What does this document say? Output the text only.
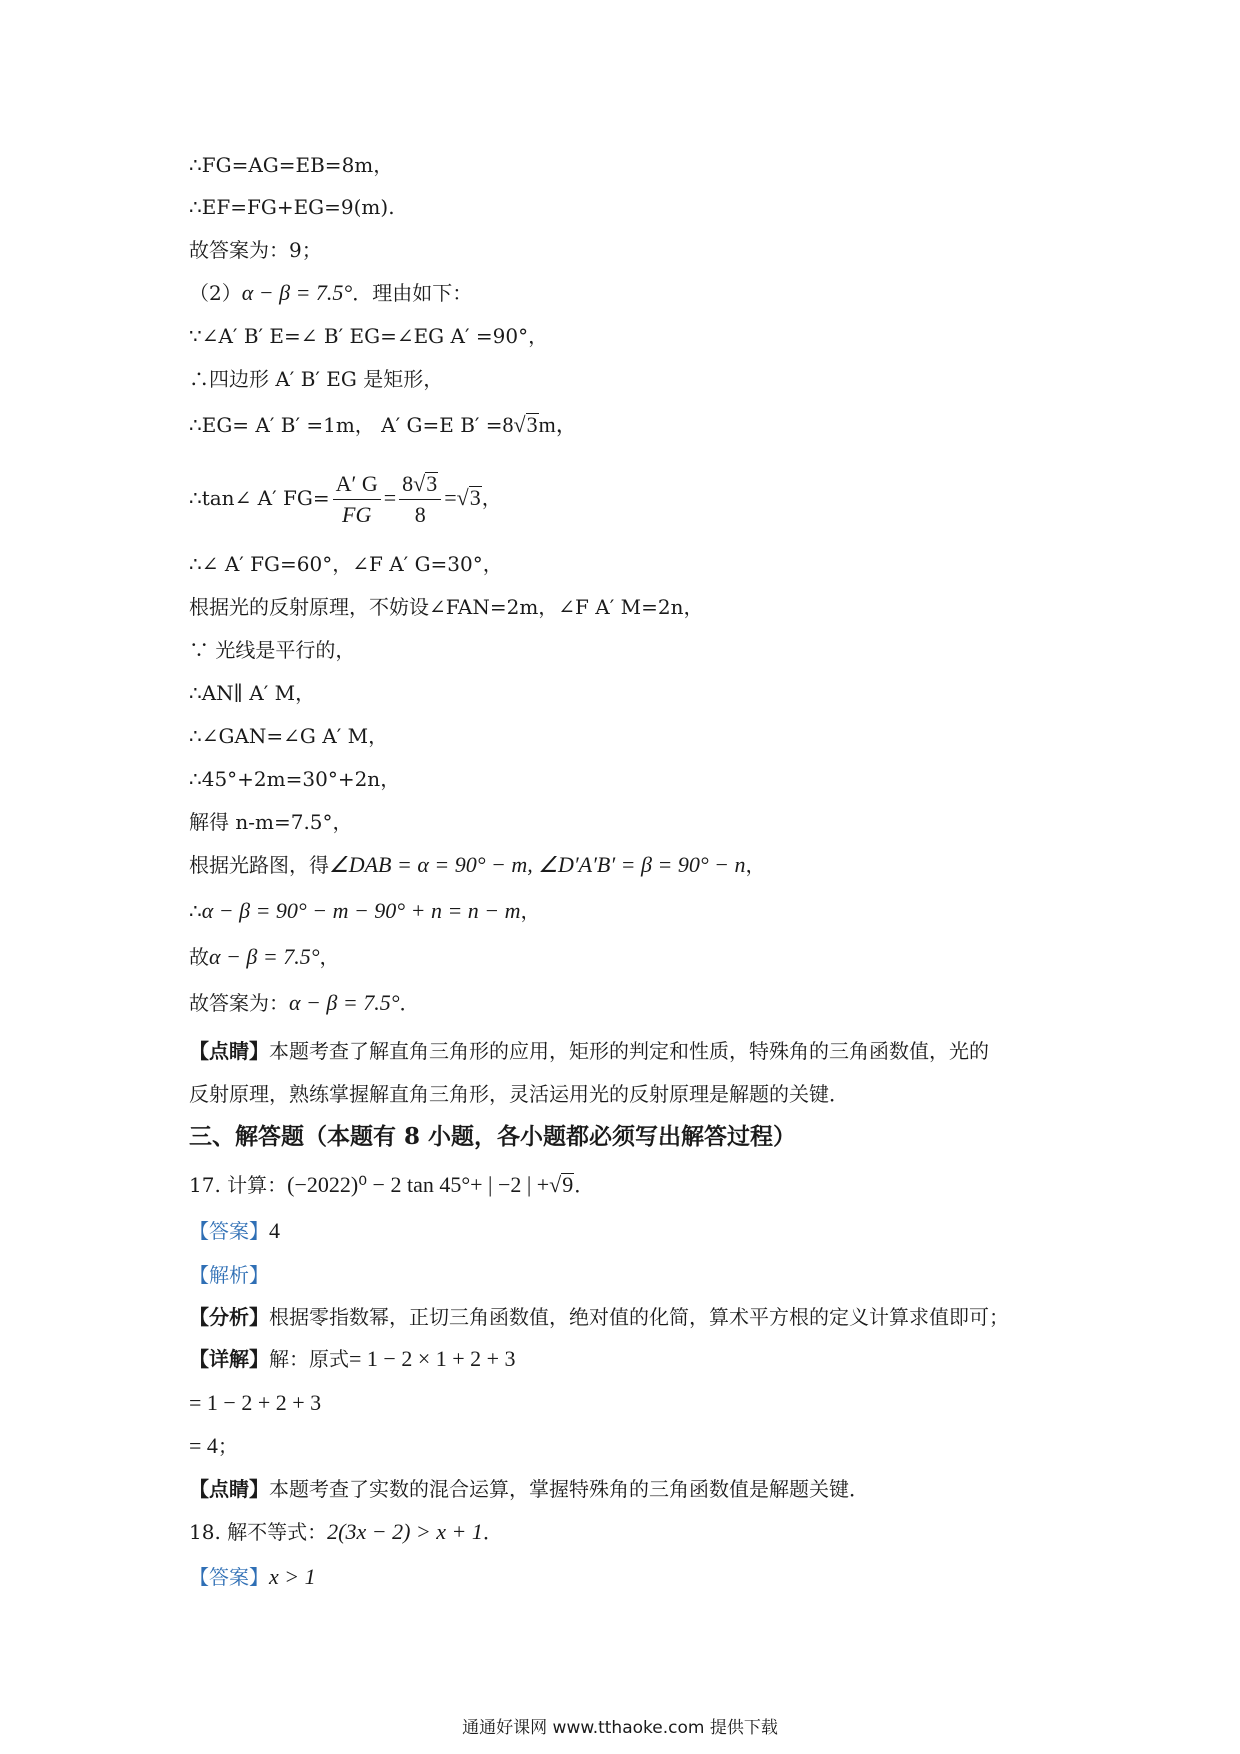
∴FG=AG=EB=8m，
∴EF=FG+EG=9(m).
故答案为：9；
（2）α − β = 7.5°．理由如下：
∵∠A′ B′ E=∠ B′ EG=∠EG A′ =90°，
∴四边形 A′ B′ EG 是矩形，
∴EG= A′ B′ =1m， A′ G=E B′ =8√3m，
∴tan∠ A′ $FG= \frac{A' G}{FG} = \frac{8√3}{8} =√3$，
∴∠ A′ FG=60°，∠F A′ G=30°，
根据光的反射原理，不妨设∠FAN=2m，∠F A′ M=2n，
∵ 光线是平行的，
∴AN∥ A′ M，
∴∠GAN=∠G A′ M，
∴45°+2m=30°+2n，
解得 n-m=7.5°，
根据光路图，得∠DAB = α = 90° − m, ∠D′A′B′ = β = 90° − n，
∴α − β = 90° − m − 90° + n = n − m，
故α − β = 7.5°，
故答案为：α − β = 7.5°．
【点睛】本题考查了解直角三角形的应用，矩形的判定和性质，特殊角的三角函数值，光的
反射原理，熟练掌握解直角三角形，灵活运用光的反射原理是解题的关键．
三、解答题（本题有 8 小题，各小题都必须写出解答过程）
17. 计算：(−2022)⁰ − 2 tan 45°+ | −2 | +√9．
【答案】4
【解析】
【分析】根据零指数幂，正切三角函数值，绝对值的化简，算术平方根的定义计算求值即可；
【详解】解：原式= 1 − 2 × 1 + 2 + 3
= 1 − 2 + 2 + 3
= 4；
【点睛】本题考查了实数的混合运算，掌握特殊角的三角函数值是解题关键．
18. 解不等式：2(3x − 2) > x + 1．
【答案】x > 1
通通好课网 www.tthaoke.com 提供下载
